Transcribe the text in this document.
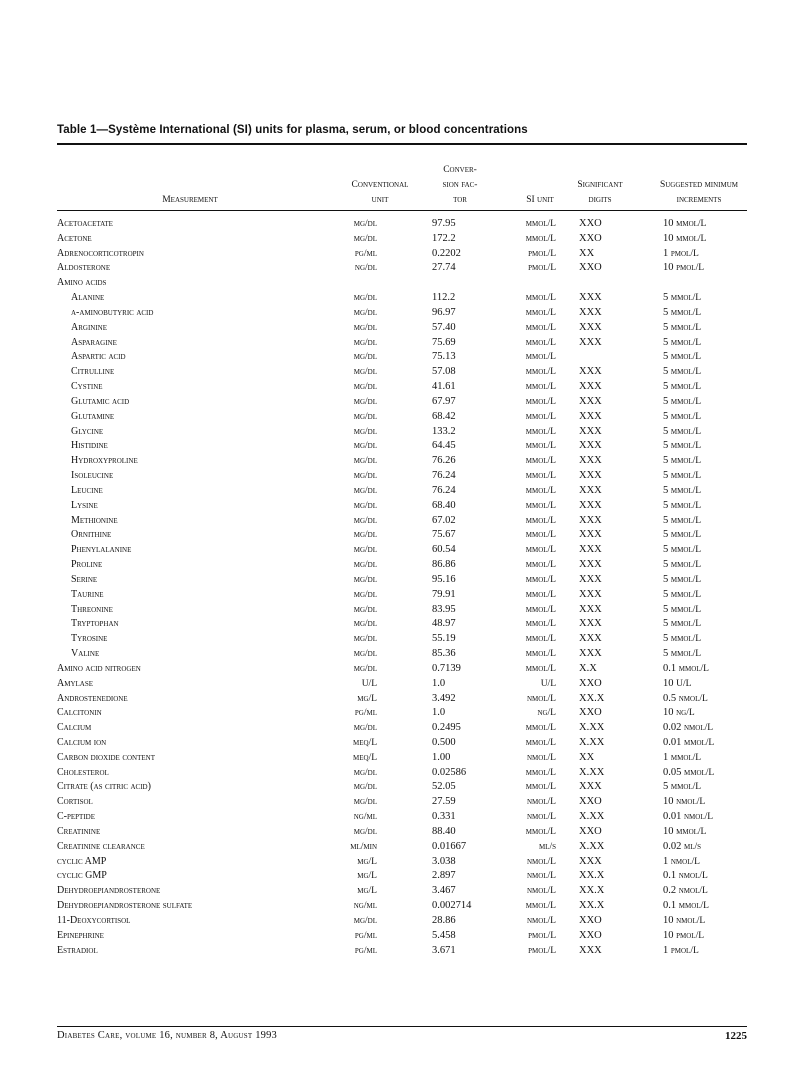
Table 1—Système International (SI) units for plasma, serum, or blood concentrations
Measurement
Conventional
unit
Conver-
sion fac-
tor	SI unit
Significant
digits
Suggested minimum
increments
Acetoacetate	mg/dl	97.95	µmol/L XXO	10 µmol/L
Acetone	mg/dl	172.2	µmol/L XXO	10 µmol/L
Adrenocorticotropin	pg/ml	0.2202	pmol/L XX	1 pmol/L
Aldosterone	ng/dl	27.74	pmol/L XXO	10 pmol/L
Amino acids
Alanine	mg/dl	112.2	µmol/L XXX	5 µmol/L
α-aminobutyric acid	mg/dl	96.97	µmol/L XXX	5 µmol/L
Arginine	mg/dl	57.40	µmol/L XXX	5 µmol/L
Asparagine	mg/dl	75.69	µmol/L XXX	5 µmol/L
Aspartic acid	mg/dl	75.13	µmol/L	5 µmol/L
Citrulline	mg/dl	57.08	µmol/L XXX	5 µmol/L
Cystine	mg/dl	41.61	µmol/L XXX	5 µmol/L
Glutamic acid	mg/dl	67.97	µmol/L XXX	5 µmol/L
Glutamine	mg/dl	68.42	µmol/L XXX	5 µmol/L
Glycine	mg/dl	133.2	µmol/L XXX	5 µmol/L
Histidine	mg/dl	64.45	µmol/L XXX	5 µmol/L
Hydroxyproline	mg/dl	76.26	µmol/L XXX	5 µmol/L
Isoleucine	mg/dl	76.24	µmol/L XXX	5 µmol/L
Leucine	mg/dl	76.24	µmol/L XXX	5 µmol/L
Lysine	mg/dl	68.40	µmol/L XXX	5 µmol/L
Methionine	mg/dl	67.02	µmol/L XXX	5 µmol/L
Ornithine	mg/dl	75.67	µmol/L XXX	5 µmol/L
Phenylalanine	mg/dl	60.54	µmol/L XXX	5 µmol/L
Proline	mg/dl	86.86	µmol/L XXX	5 µmol/L
Serine	mg/dl	95.16	µmol/L XXX	5 µmol/L
Taurine	mg/dl	79.91	µmol/L XXX	5 µmol/L
Threonine	mg/dl	83.95	µmol/L XXX	5 µmol/L
Tryptophan	mg/dl	48.97	µmol/L XXX	5 µmol/L
Tyrosine	mg/dl	55.19	µmol/L XXX	5 µmol/L
Valine	mg/dl	85.36	µmol/L XXX	5 µmol/L
Amino acid nitrogen	mg/dl	0.7139	mmol/L X.X	0.1 mmol/L
Amylase	U/L	1.0	U/L XXO	10 U/L
Androstenedione	µg/L	3.492	nmol/L XX.X	0.5 nmol/L
Calcitonin	pg/ml	1.0	ng/L XXO	10 ng/L
Calcium	mg/dl	0.2495	mmol/L X.XX	0.02 nmol/L
Calcium ion	meq/L	0.500	mmol/L X.XX	0.01 mmol/L
Carbon dioxide content	meq/L	1.00	nmol/L XX	1 mmol/L
Cholesterol	mg/dl	0.02586	mmol/L X.XX	0.05 mmol/L
Citrate (as citric acid)	mg/dl	52.05	µmol/L XXX	5 µmol/L
Cortisol	µg/dl	27.59	nmol/L XXO	10 nmol/L
C-peptide	ng/ml	0.331	nmol/L X.XX	0.01 nmol/L
Creatinine	mg/dl	88.40	µmol/L XXO	10 µmol/L
Creatinine clearance	ml/min	0.01667	ml/s X.XX	0.02 ml/s
cyclic AMP	µg/L	3.038	nmol/L XXX	1 nmol/L
cyclic GMP	µg/L	2.897	nmol/L XX.X	0.1 nmol/L
Dehydroepiandrosterone	µg/L	3.467	nmol/L XX.X	0.2 nmol/L
Dehydroepiandrosterone sulfate	ng/ml	0.002714	µmol/L XX.X	0.1 µmol/L
11-Deoxycortisol	µg/dl	28.86	nmol/L XXO	10 nmol/L
Epinephrine	pg/ml	5.458	pmol/L XXO	10 pmol/L
Estradiol	pg/ml	3.671	pmol/L XXX	1 pmol/L
Diabetes Care, volume 16, number 8, August 1993	1225
